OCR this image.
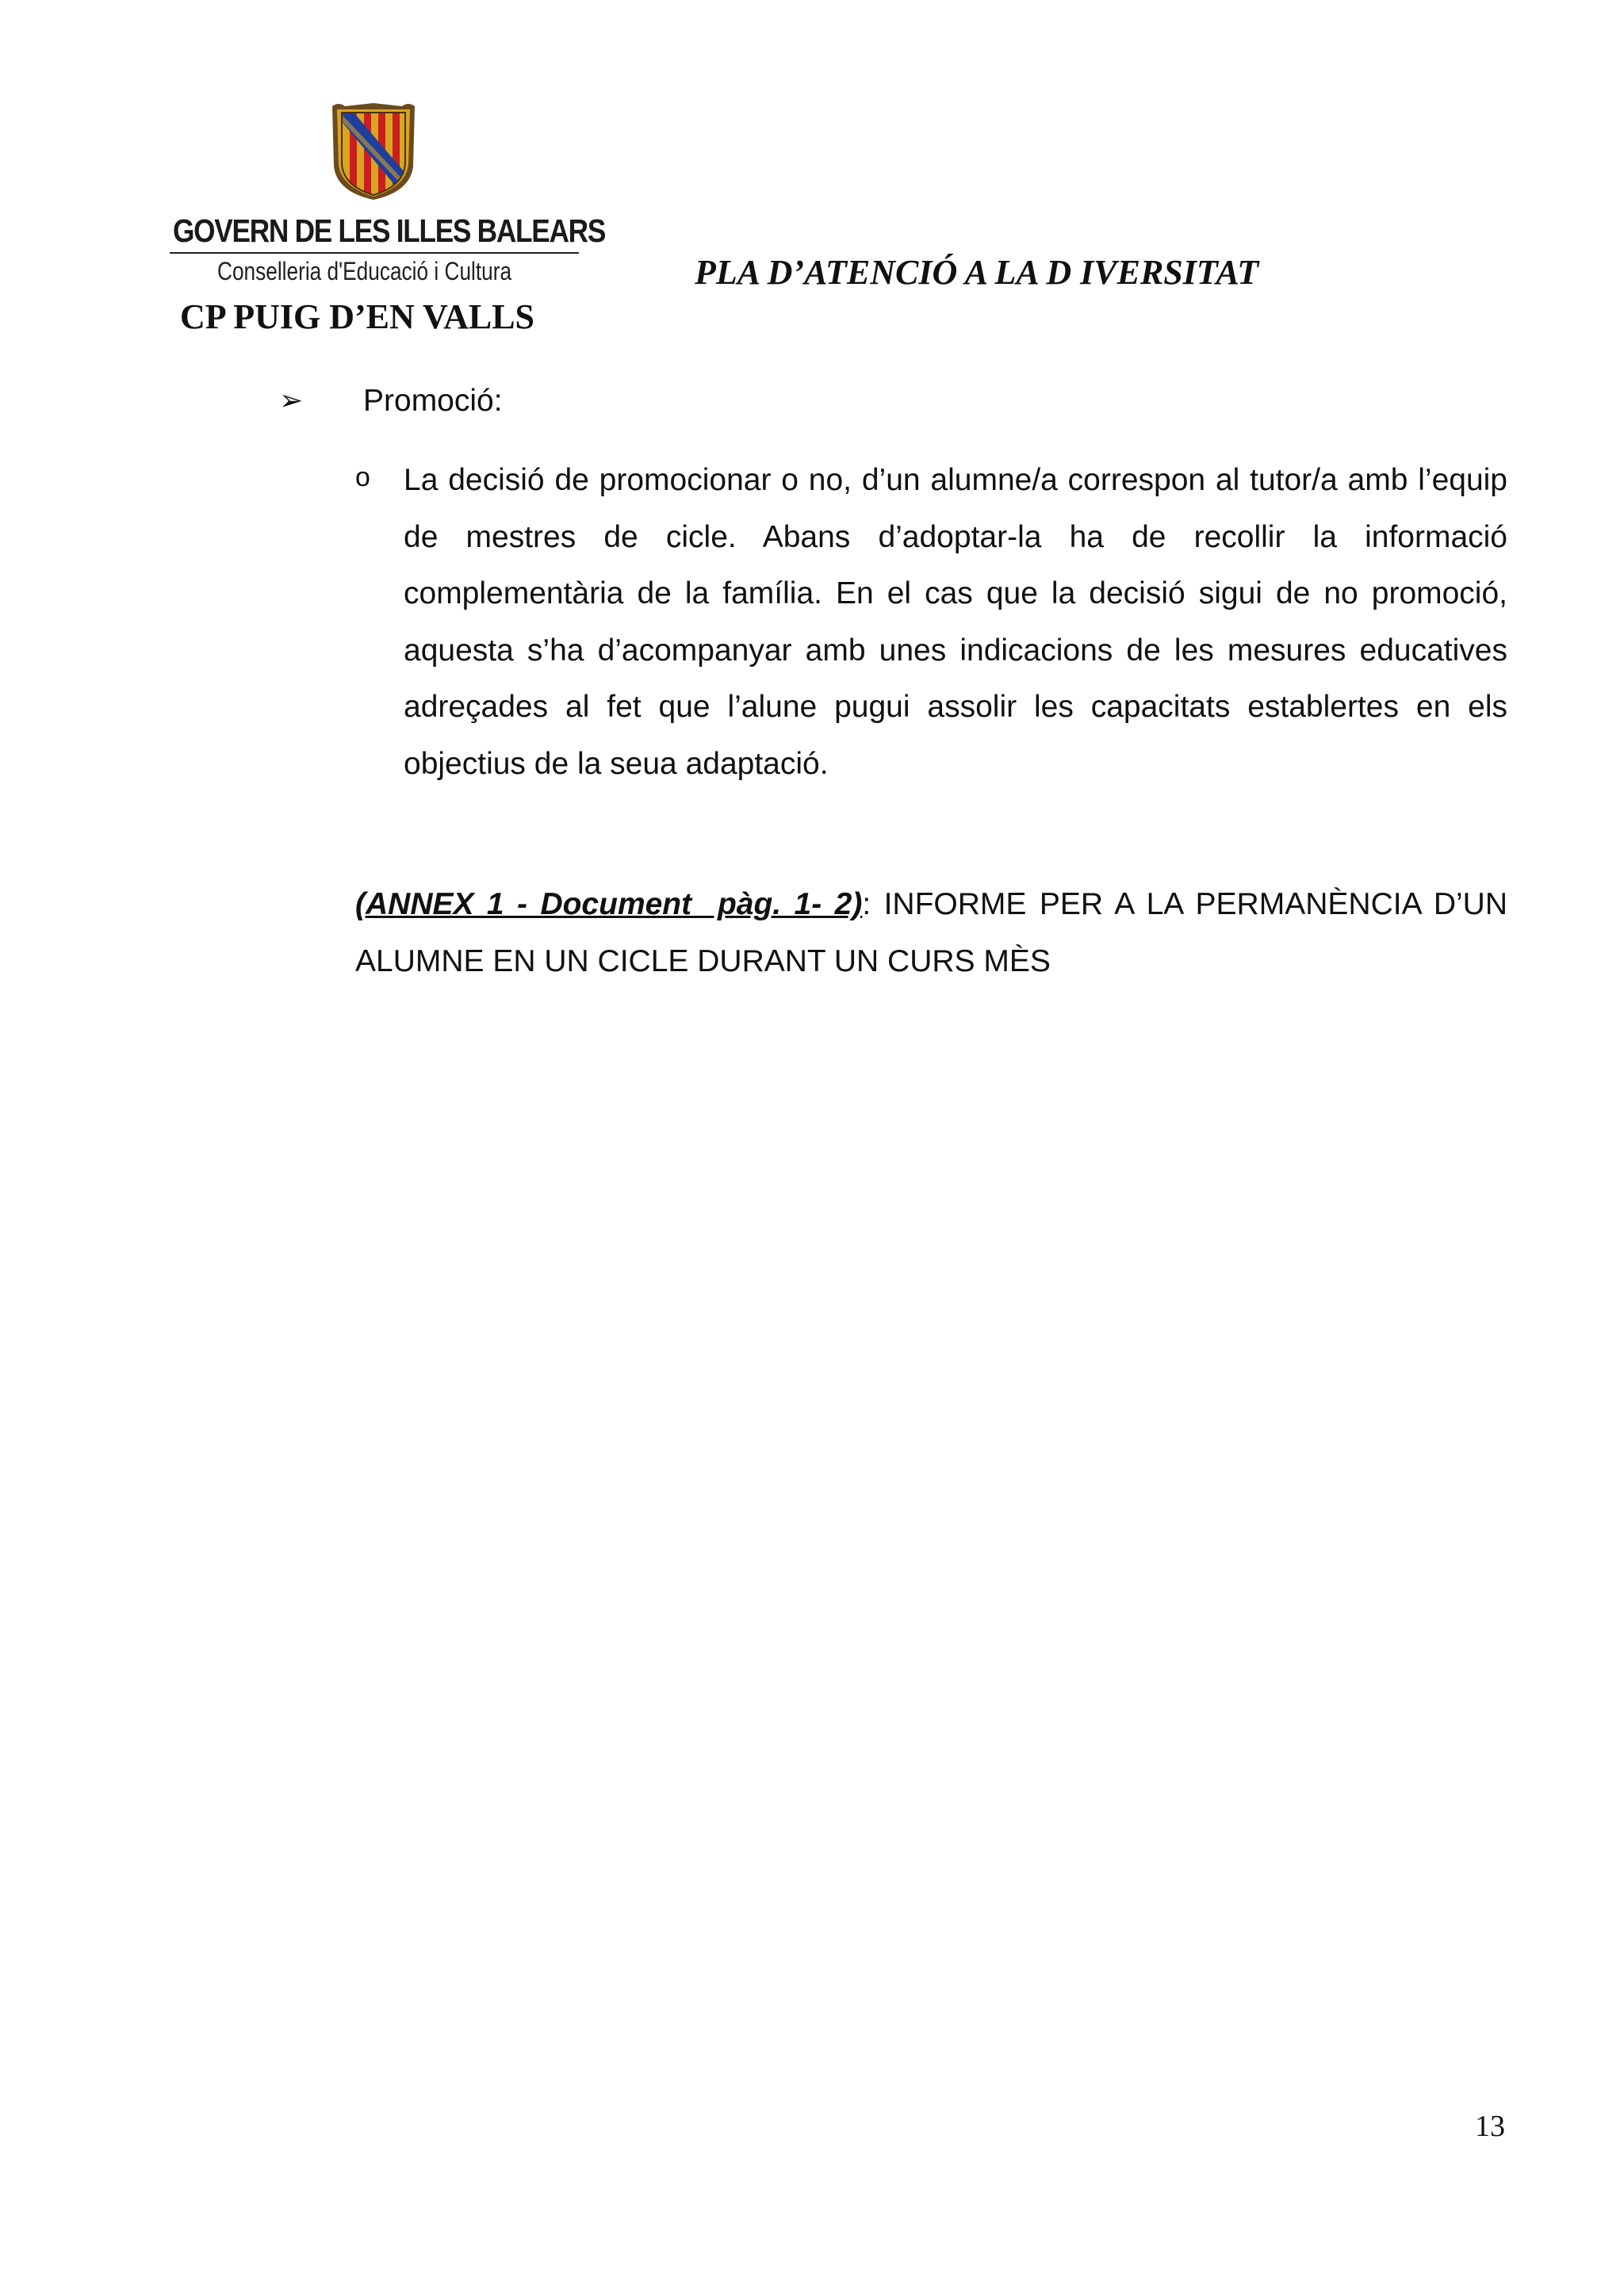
GOVERN DE LES ILLES BALEARS
Conselleria d'Educació i Cultura
CP PUIG D’EN VALLS
PLA D’ATENCIÓ A LA D IVERSITAT
➢ Promoció:
o La decisió de promocionar o no, d’un alumne/a correspon al tutor/a amb l’equip de mestres de cicle. Abans d’adoptar-la ha de recollir la informació complementària de la família. En el cas que la decisió sigui de no promoció, aquesta s’ha d’acompanyar amb unes indicacions de les mesures educatives adreçades al fet que l’alune pugui assolir les capacitats establertes en els objectius de la seua adaptació.

(ANNEX 1 - Document  pàg. 1- 2): INFORME PER A LA PERMANÈNCIA D’UN ALUMNE EN UN CICLE DURANT UN CURS MÈS

13
